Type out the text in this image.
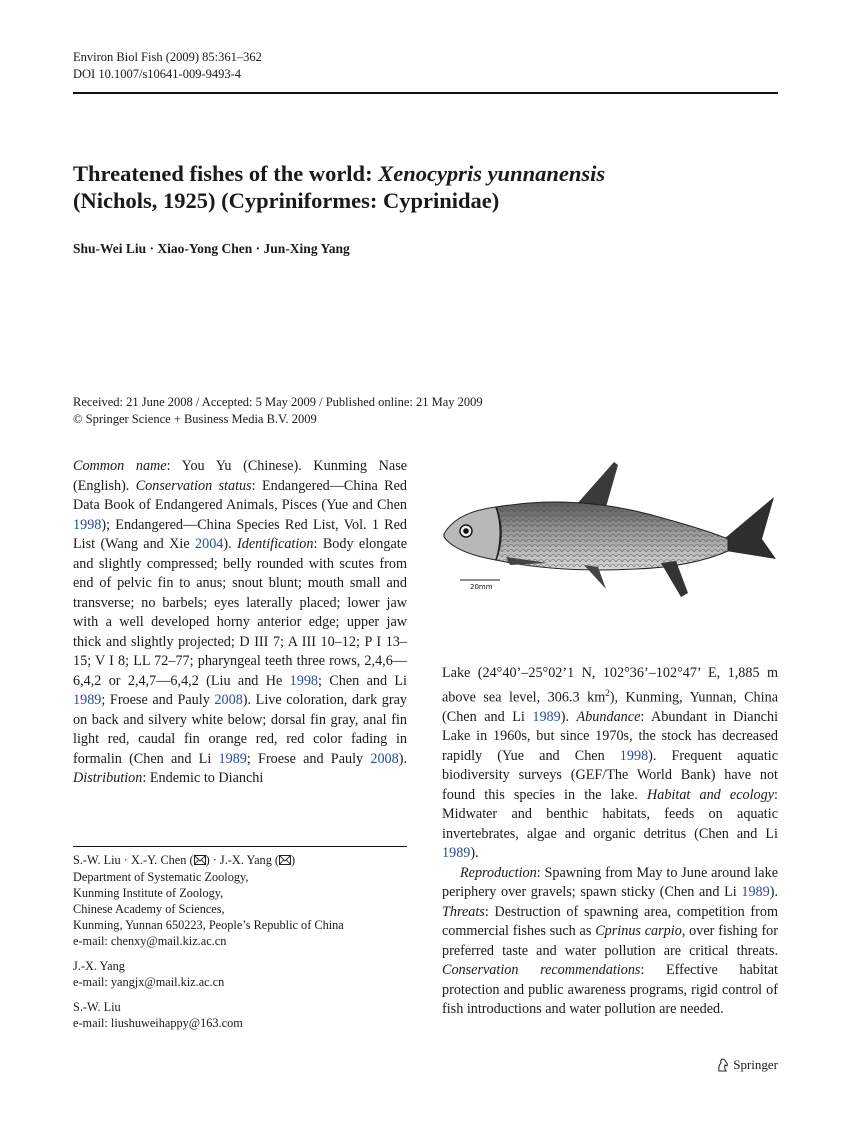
Environ Biol Fish (2009) 85:361–362
DOI 10.1007/s10641-009-9493-4
Threatened fishes of the world: Xenocypris yunnanensis
(Nichols, 1925) (Cypriniformes: Cyprinidae)
Shu-Wei Liu · Xiao-Yong Chen · Jun-Xing Yang
Received: 21 June 2008 / Accepted: 5 May 2009 / Published online: 21 May 2009
© Springer Science + Business Media B.V. 2009
Common name: You Yu (Chinese). Kunming Nase (English). Conservation status: Endangered—China Red Data Book of Endangered Animals, Pisces (Yue and Chen 1998); Endangered—China Species Red List, Vol. 1 Red List (Wang and Xie 2004). Identification: Body elongate and slightly compressed; belly rounded with scutes from end of pelvic fin to anus; snout blunt; mouth small and transverse; no barbels; eyes laterally placed; lower jaw with a well developed horny anterior edge; upper jaw thick and slightly projected; D III 7; A III 10–12; P I 13–15; V I 8; LL 72–77; pharyngeal teeth three rows, 2,4,6—6,4,2 or 2,4,7—6,4,2 (Liu and He 1998; Chen and Li 1989; Froese and Pauly 2008). Live coloration, dark gray on back and silvery white below; dorsal fin gray, anal fin light red, caudal fin orange red, red color fading in formalin (Chen and Li 1989; Froese and Pauly 2008). Distribution: Endemic to Dianchi
20mm
Lake (24°40’–25°02’1 N, 102°36’–102°47’ E, 1,885 m above sea level, 306.3 $km^2$), Kunming, Yunnan, China (Chen and Li 1989). Abundance: Abundant in Dianchi Lake in 1960s, but since 1970s, the stock has decreased rapidly (Yue and Chen 1998). Frequent aquatic biodiversity surveys (GEF/The World Bank) have not found this species in the lake. Habitat and ecology: Midwater and benthic habitats, feeds on aquatic invertebrates, algae and organic detritus (Chen and Li 1989).
Reproduction: Spawning from May to June around lake periphery over gravels; spawn sticky (Chen and Li 1989). Threats: Destruction of spawning area, competition from commercial fishes such as Cprinus carpio, over fishing for preferred taste and water pollution are critical threats. Conservation recommendations: Effective habitat protection and public awareness programs, rigid control of fish introductions and water pollution are needed.
S.-W. Liu · X.-Y. Chen ( ) · J.-X. Yang ( )
Department of Systematic Zoology,
Kunming Institute of Zoology,
Chinese Academy of Sciences,
Kunming, Yunnan 650223, People’s Republic of China
e-mail: chenxy@mail.kiz.ac.cn
J.-X. Yang
e-mail: yangjx@mail.kiz.ac.cn
S.-W. Liu
e-mail: liushuweihappy@163.com
Springer
